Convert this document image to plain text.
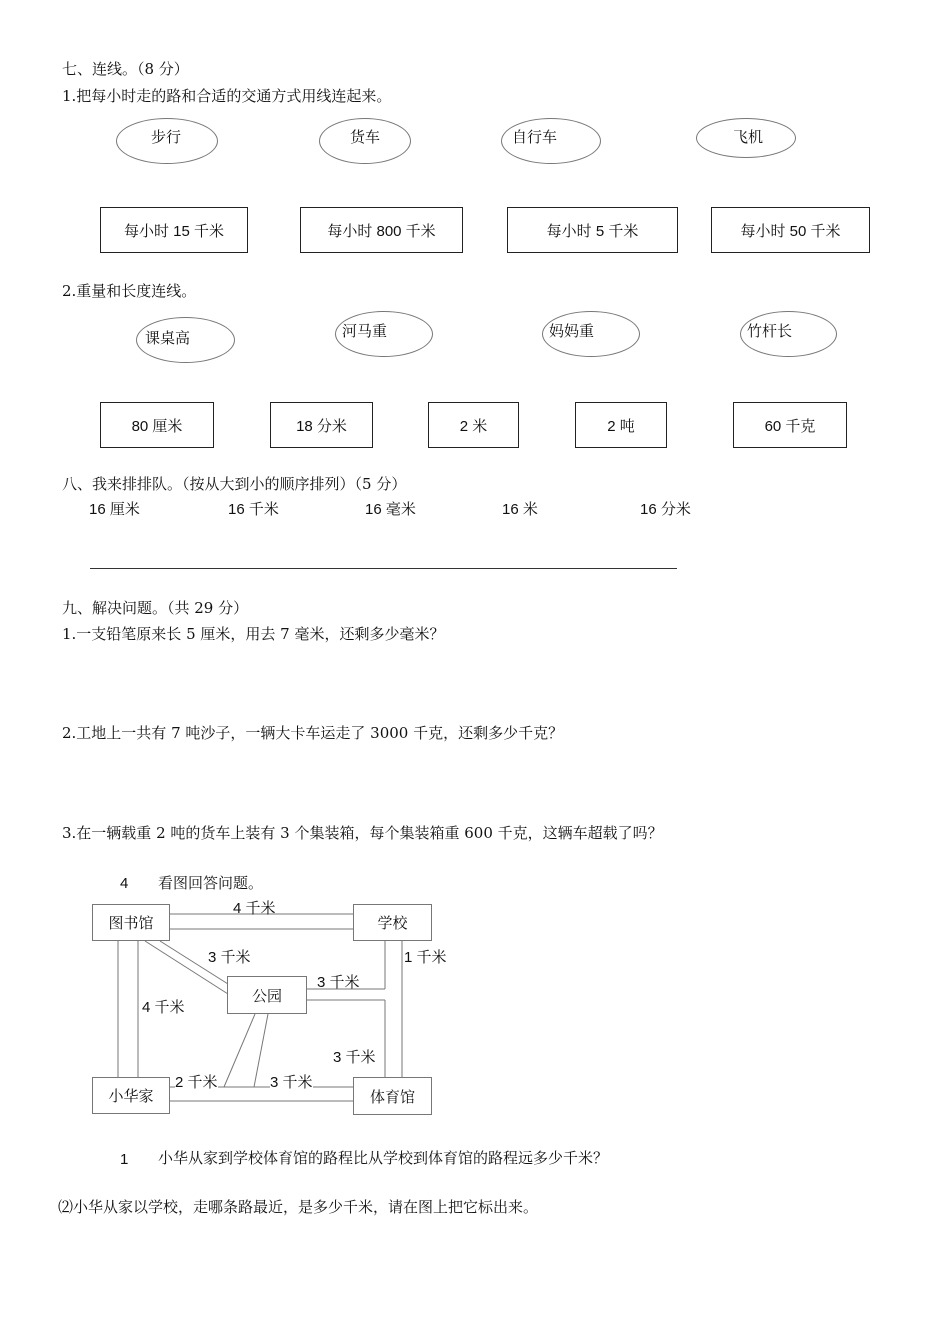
七、连线。（8 分）
1.把每小时走的路和合适的交通方式用线连起来。
步行	货车	自行车	飞机
每小时 15 千米	每小时 800 千米	每小时 5 千米	每小时 50 千米
2.重量和长度连线。
课桌高	河马重	妈妈重	竹杆长
80 厘米	18 分米	2 米	2 吨	60 千克
八、我来排排队。（按从大到小的顺序排列）（5 分）
16 厘米	16 千米	16 毫米	16 米	16 分米
九、解决问题。（共 29 分）
1.一支铅笔原来长 5 厘米，用去 7 毫米，还剩多少毫米？
2.工地上一共有 7 吨沙子，一辆大卡车运走了 3000 千克，还剩多少千克？
3.在一辆载重 2 吨的货车上装有 3 个集装箱，每个集装箱重 600 千克，这辆车超载了吗？
4 看图回答问题。
图书馆	学校
公园
小华家	体育馆
4 千米
3 千米	1 千米
3 千米
4 千米
3 千米
2 千米	3 千米
1 小华从家到学校体育馆的路程比从学校到体育馆的路程远多少千米？
⑵小华从家以学校，走哪条路最近，是多少千米，请在图上把它标出来。
